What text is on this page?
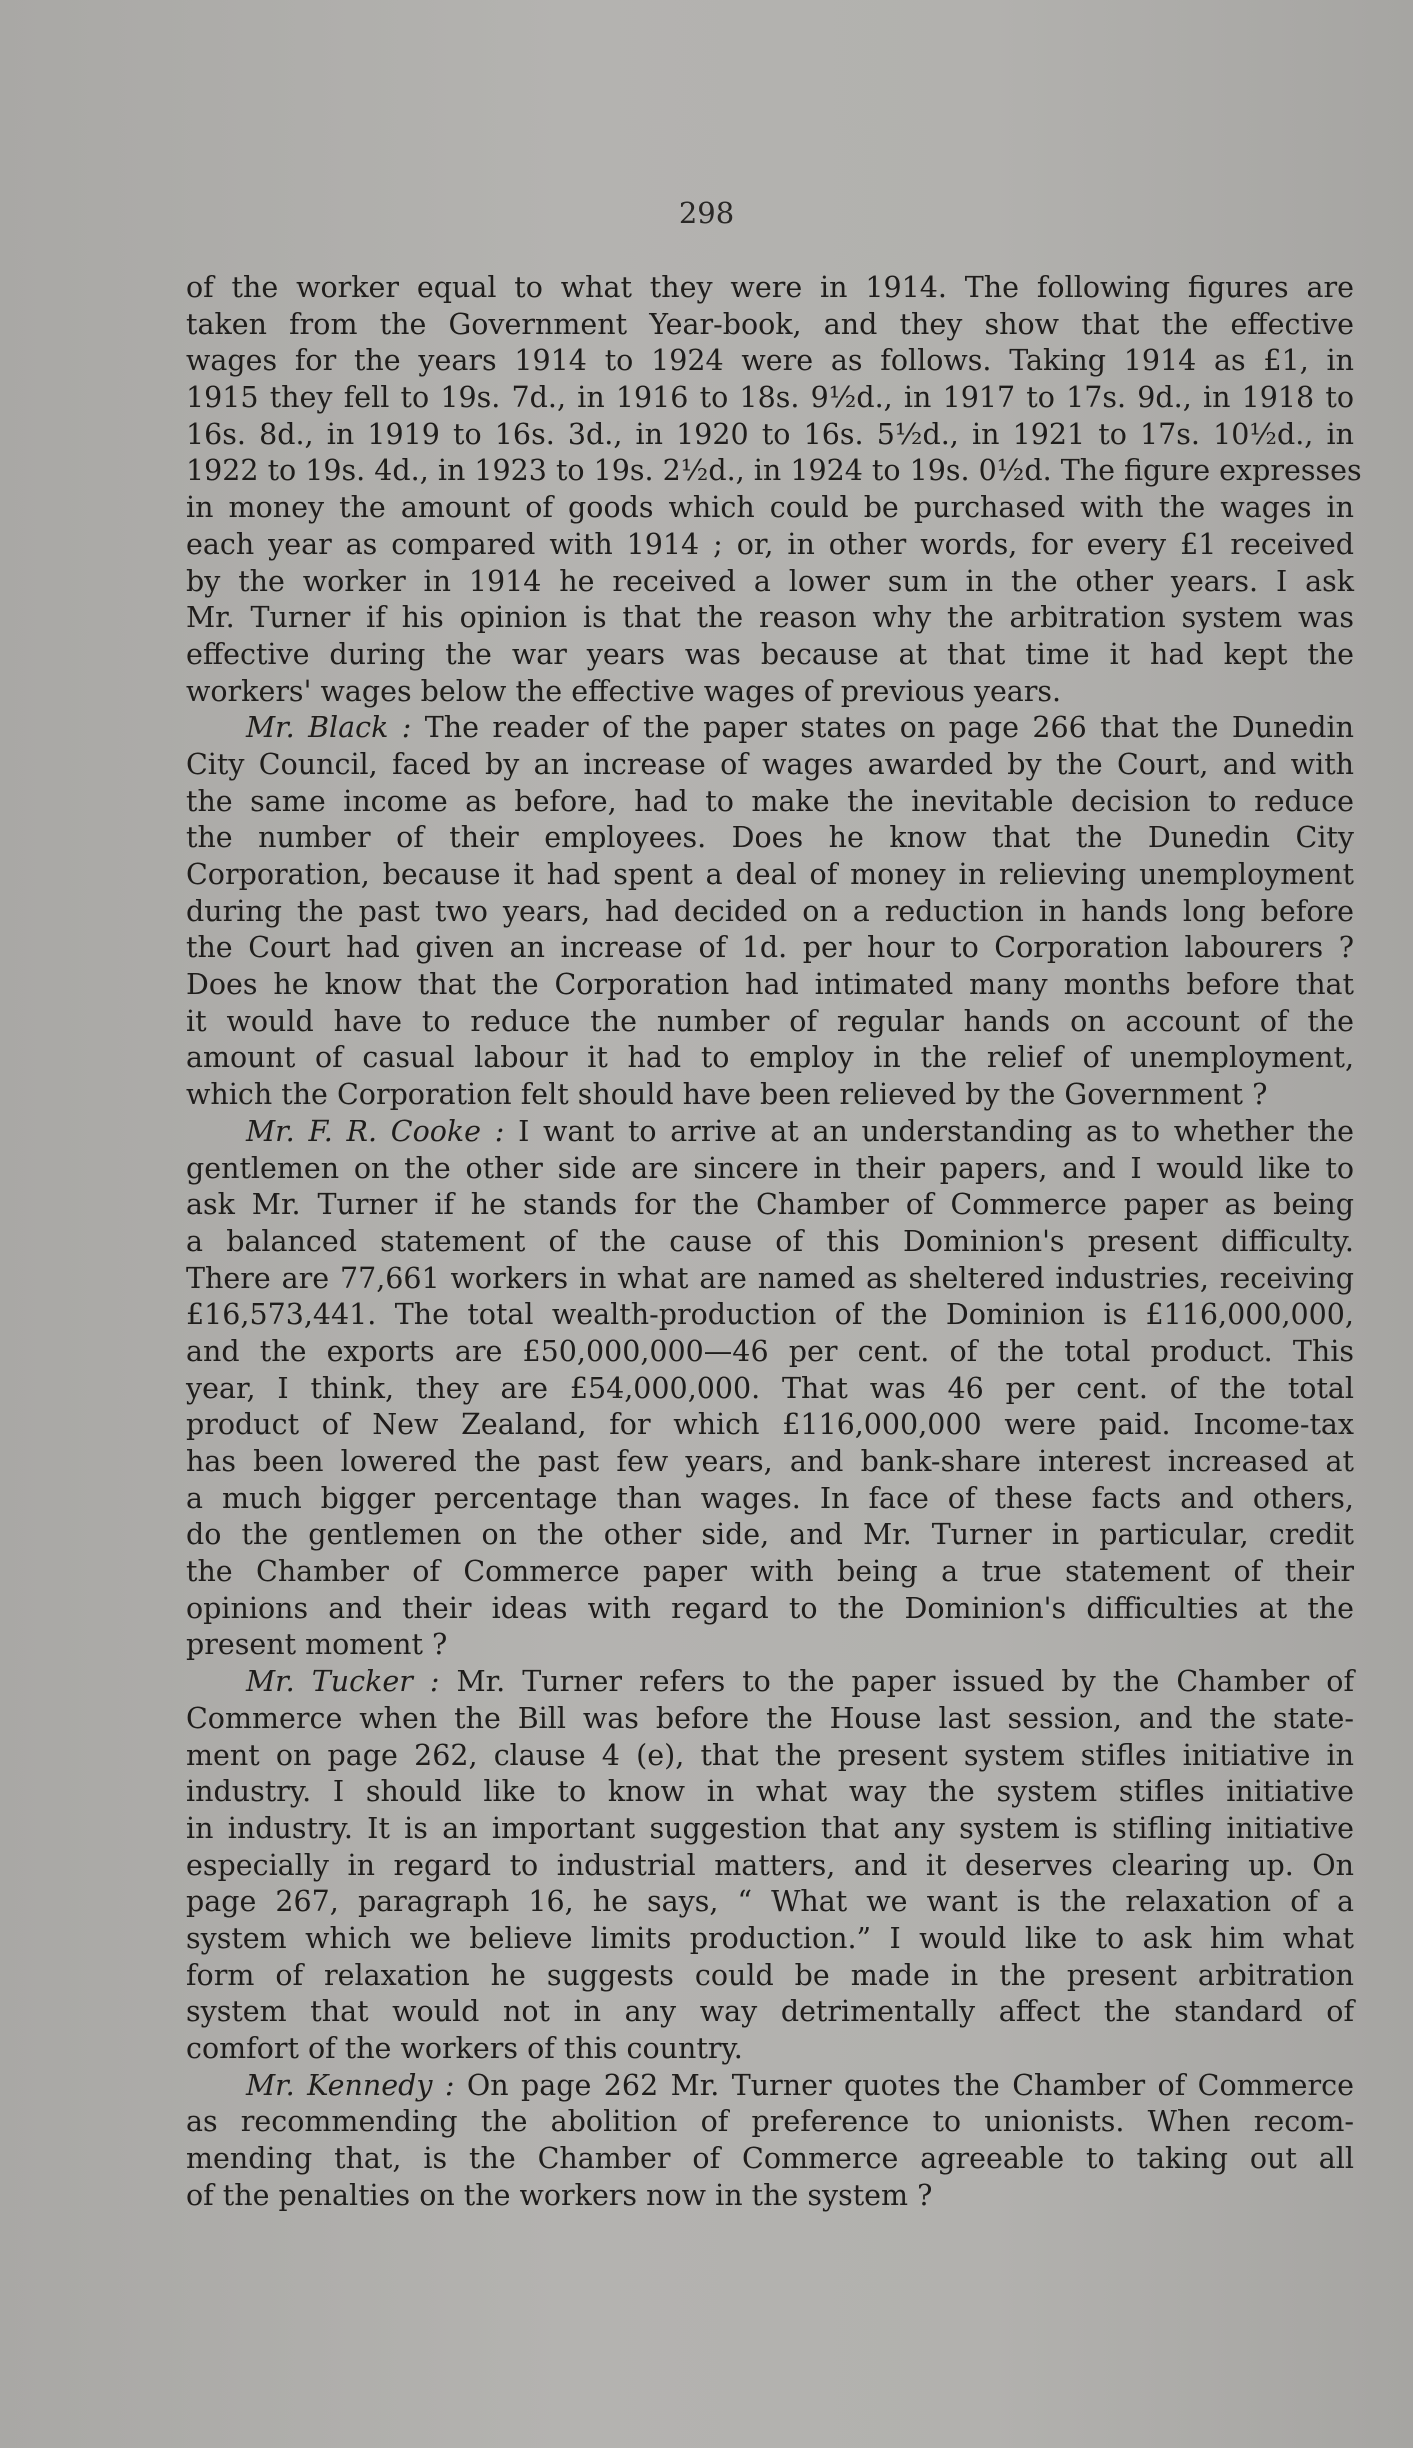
298
of the worker equal to what they were in 1914. The following figures are
taken from the Government Year-book, and they show that the effective
wages for the years 1914 to 1924 were as follows. Taking 1914 as £1, in
1915 they fell to 19s. 7d., in 1916 to 18s. 9½d., in 1917 to 17s. 9d., in 1918 to
16s. 8d., in 1919 to 16s. 3d., in 1920 to 16s. 5½d., in 1921 to 17s. 10½d., in
1922 to 19s. 4d., in 1923 to 19s. 2½d., in 1924 to 19s. 0½d. The figure expresses
in money the amount of goods which could be purchased with the wages in
each year as compared with 1914 ; or, in other words, for every £1 received
by the worker in 1914 he received a lower sum in the other years. I ask
Mr. Turner if his opinion is that the reason why the arbitration system was
effective during the war years was because at that time it had kept the
workers' wages below the effective wages of previous years.
Mr. Black : The reader of the paper states on page 266 that the Dunedin
City Council, faced by an increase of wages awarded by the Court, and with
the same income as before, had to make the inevitable decision to reduce
the number of their employees. Does he know that the Dunedin City
Corporation, because it had spent a deal of money in relieving unemployment
during the past two years, had decided on a reduction in hands long before
the Court had given an increase of 1d. per hour to Corporation labourers ?
Does he know that the Corporation had intimated many months before that
it would have to reduce the number of regular hands on account of the
amount of casual labour it had to employ in the relief of unemployment,
which the Corporation felt should have been relieved by the Government ?
Mr. F. R. Cooke : I want to arrive at an understanding as to whether the
gentlemen on the other side are sincere in their papers, and I would like to
ask Mr. Turner if he stands for the Chamber of Commerce paper as being
a balanced statement of the cause of this Dominion's present difficulty.
There are 77,661 workers in what are named as sheltered industries, receiving
£16,573,441. The total wealth-production of the Dominion is £116,000,000,
and the exports are £50,000,000—46 per cent. of the total product. This
year, I think, they are £54,000,000. That was 46 per cent. of the total
product of New Zealand, for which £116,000,000 were paid. Income-tax
has been lowered the past few years, and bank-share interest increased at
a much bigger percentage than wages. In face of these facts and others,
do the gentlemen on the other side, and Mr. Turner in particular, credit
the Chamber of Commerce paper with being a true statement of their
opinions and their ideas with regard to the Dominion's difficulties at the
present moment ?
Mr. Tucker : Mr. Turner refers to the paper issued by the Chamber of
Commerce when the Bill was before the House last session, and the state-
ment on page 262, clause 4 (e), that the present system stifles initiative in
industry. I should like to know in what way the system stifles initiative
in industry. It is an important suggestion that any system is stifling initiative
especially in regard to industrial matters, and it deserves clearing up. On
page 267, paragraph 16, he says, “ What we want is the relaxation of a
system which we believe limits production.” I would like to ask him what
form of relaxation he suggests could be made in the present arbitration
system that would not in any way detrimentally affect the standard of
comfort of the workers of this country.
Mr. Kennedy : On page 262 Mr. Turner quotes the Chamber of Commerce
as recommending the abolition of preference to unionists. When recom-
mending that, is the Chamber of Commerce agreeable to taking out all
of the penalties on the workers now in the system ?
